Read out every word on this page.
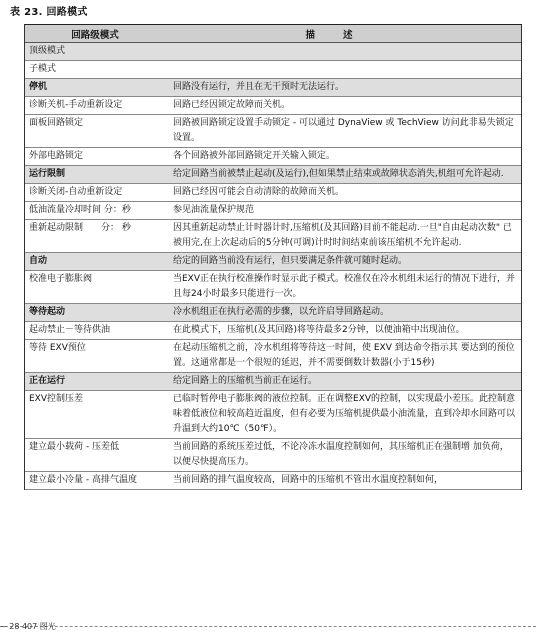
表 23. 回路模式
回路级模式	描述
顶级模式
子模式
停机	回路没有运行，并且在无干预时无法运行。
诊断关机-手动重新设定	回路已经因锁定故障而关机。
面板回路锁定	回路被回路锁定设置手动锁定 - 可以通过 DynaView 或 TechView 访问此非易失锁定设置。
外部电路锁定	各个回路被外部回路锁定开关输入锁定。
运行限制	给定回路当前被禁止起动(及运行),但如果禁止结束或故障状态消失,机组可允许起动.
诊断关闭-自动重新设定	回路已经因可能会自动清除的故障而关机。
低油流量冷却时间 分：秒	参见油流量保护规范
重新起动限制　　分： 秒	因其重新起动禁止计时器计时,压缩机(及其回路)目前不能起动.一旦"自由起动次数" 已被用完,在上次起动后的5分钟(可调)计时时间结束前该压缩机不允许起动.
自动	给定的回路当前没有运行，但只要满足条件就可随时起动。
校准电子膨胀阀	当EXV正在执行校准操作时显示此子模式。校准仅在冷水机组未运行的情况下进行，并且每24小时最多只能进行一次。
等待起动	冷水机组正在执行必需的步骤，以允许启导回路起动。
起动禁止－等待供油	在此模式下，压缩机(及其回路)将等待最多2分钟，以便油箱中出现油位。
等待 EXV预位	在起动压缩机之前，冷水机组将等待这一时间，使 EXV 到达命令指示其 要达到的预位置。这通常都是一个很短的延迟，并不需要倒数计数器(小于15秒)
正在运行	给定回路上的压缩机当前正在运行。
EXV控制压差	已临时暂停电子膨胀阀的液位控制。正在调整EXV的控制，以实现最小差压。此控制意味着低液位和较高趋近温度，但有必要为压缩机提供最小油流量，直到冷却水回路可以升温到大约10℃（50℉）。
建立最小载荷 - 压差低	当前回路的系统压差过低，不论冷冻水温度控制如何，其压缩机正在强制增 加负荷，以便尽快提高压力。
建立最小冷量 - 高排气温度	当前回路的排气温度较高，回路中的压缩机不管出水温度控制如何，
~ 28 407 图光
